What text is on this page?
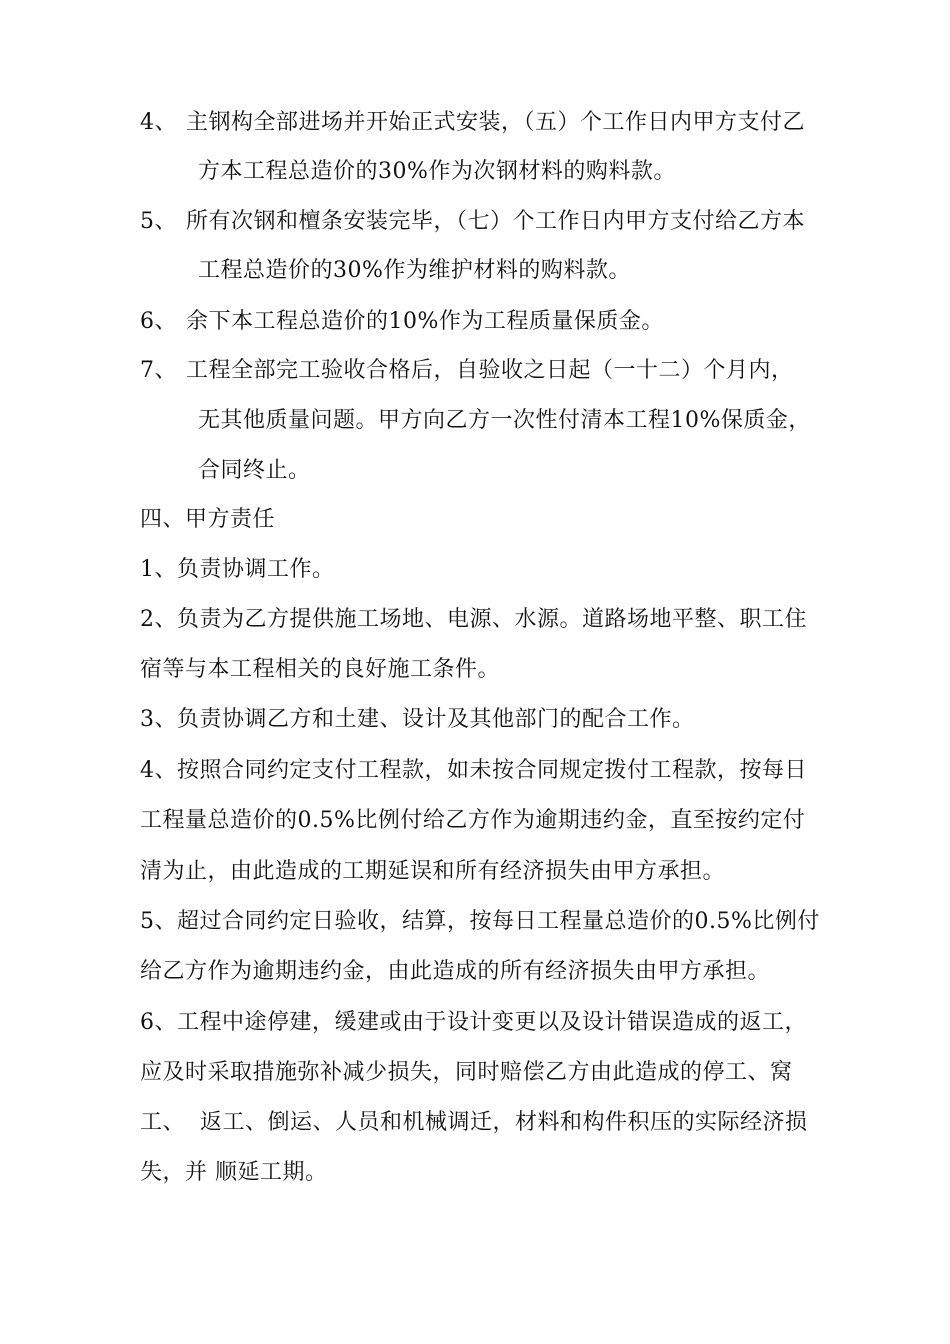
4、 主钢构全部进场并开始正式安装，（五）个工作日内甲方支付乙
方本工程总造价的30%作为次钢材料的购料款。
5、 所有次钢和檀条安装完毕，（七）个工作日内甲方支付给乙方本
工程总造价的30%作为维护材料的购料款。
6、 余下本工程总造价的10%作为工程质量保质金。
7、 工程全部完工验收合格后，自验收之日起（一十二）个月内，
无其他质量问题。甲方向乙方一次性付清本工程10%保质金，
合同终止。
四、甲方责任
1、负责协调工作。
2、负责为乙方提供施工场地、电源、水源。道路场地平整、职工住
宿等与本工程相关的良好施工条件。
3、负责协调乙方和土建、设计及其他部门的配合工作。
4、按照合同约定支付工程款，如未按合同规定拨付工程款，按每日
工程量总造价的0.5%比例付给乙方作为逾期违约金，直至按约定付
清为止，由此造成的工期延误和所有经济损失由甲方承担。
5、超过合同约定日验收，结算，按每日工程量总造价的0.5%比例付
给乙方作为逾期违约金，由此造成的所有经济损失由甲方承担。
6、工程中途停建，缓建或由于设计变更以及设计错误造成的返工，
应及时采取措施弥补减少损失，同时赔偿乙方由此造成的停工、窝
工、  返工、倒运、人员和机械调迁，材料和构件积压的实际经济损
失，并 顺延工期。
